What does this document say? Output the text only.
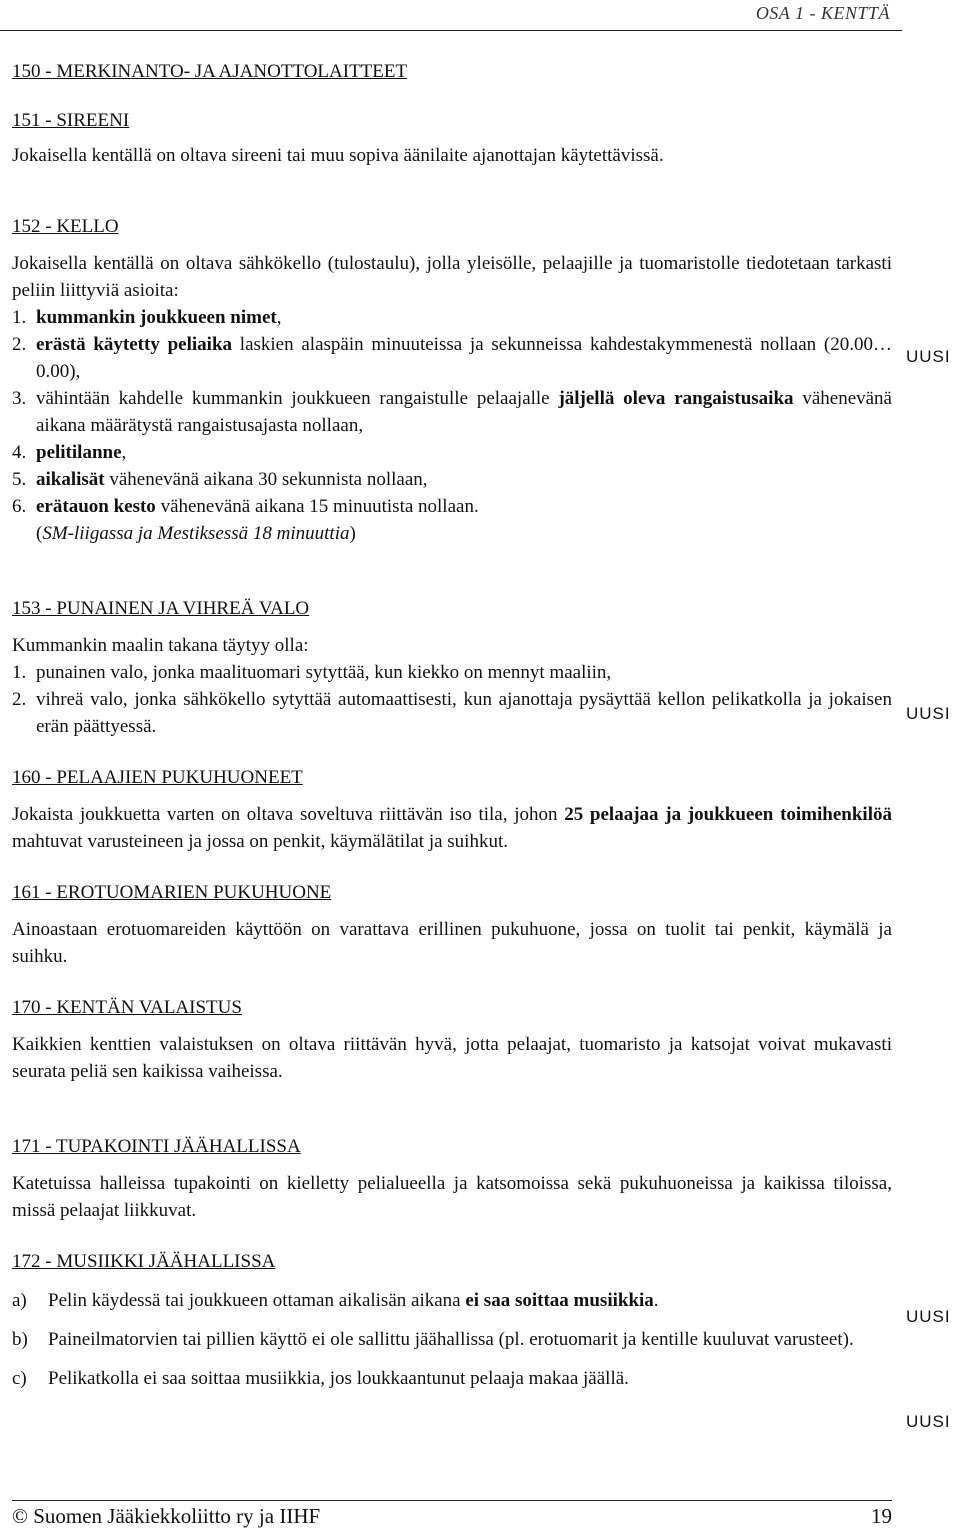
OSA 1 - KENTTÄ
UUSI
UUSI
UUSI
UUSI
150 - MERKINANTO- JA AJANOTTOLAITTEET
151 - SIREENI

Jokaisella kentällä on oltava sireeni tai muu sopiva äänilaite ajanottajan käytettävissä.

152 - KELLO

Jokaisella kentällä on oltava sähkökello (tulostaulu), jolla yleisölle, pelaajille ja tuomaristolle tiedotetaan tarkasti peliin liittyviä asioita:

1. kummankin joukkueen nimet,
2. erästä käytetty peliaika laskien alaspäin minuuteissa ja sekunneissa kahdestakymmenestä nollaan (20.00…0.00),
3. vähintään kahdelle kummankin joukkueen rangaistulle pelaajalle jäljellä oleva rangaistusaika vähenevänä aikana määrätystä rangaistusajasta nollaan,
4. pelitilanne,
5. aikalisät vähenevänä aikana 30 sekunnista nollaan,
6. erätauon kesto vähenevänä aikana 15 minuutista nollaan.
(SM-liigassa ja Mestiksessä 18 minuuttia)
153 - PUNAINEN JA VIHREÄ VALO

Kummankin maalin takana täytyy olla:

1. punainen valo, jonka maalituomari sytyttää, kun kiekko on mennyt maaliin,
2. vihreä valo, jonka sähkökello sytyttää automaattisesti, kun ajanottaja pysäyttää kellon pelikatkolla ja jokaisen erän päättyessä.
160 - PELAAJIEN PUKUHUONEET

Jokaista joukkuetta varten on oltava soveltuva riittävän iso tila, johon 25 pelaajaa ja joukkueen toimihenkilöä mahtuvat varusteineen ja jossa on penkit, käymälätilat ja suihkut.

161 - EROTUOMARIEN PUKUHUONE

Ainoastaan erotuomareiden käyttöön on varattava erillinen pukuhuone, jossa on tuolit tai penkit, käymälä ja suihku.

170 - KENTÄN VALAISTUS

Kaikkien kenttien valaistuksen on oltava riittävän hyvä, jotta pelaajat, tuomaristo ja katsojat voivat mukavasti seurata peliä sen kaikissa vaiheissa.

171 - TUPAKOINTI JÄÄHALLISSA

Katetuissa halleissa tupakointi on kielletty pelialueella ja katsomoissa sekä pukuhuoneissa ja kaikissa tiloissa, missä pelaajat liikkuvat.

172 - MUSIIKKI JÄÄHALLISSA
a) Pelin käydessä tai joukkueen ottaman aikalisän aikana ei saa soittaa musiikkia.
b) Paineilmatorvien tai pillien käyttö ei ole sallittu jäähallissa (pl. erotuomarit ja kentille kuuluvat varusteet).
c) Pelikatkolla ei saa soittaa musiikkia, jos loukkaantunut pelaaja makaa jäällä.
© Suomen Jääkiekkoliitto ry ja IIHF	19
